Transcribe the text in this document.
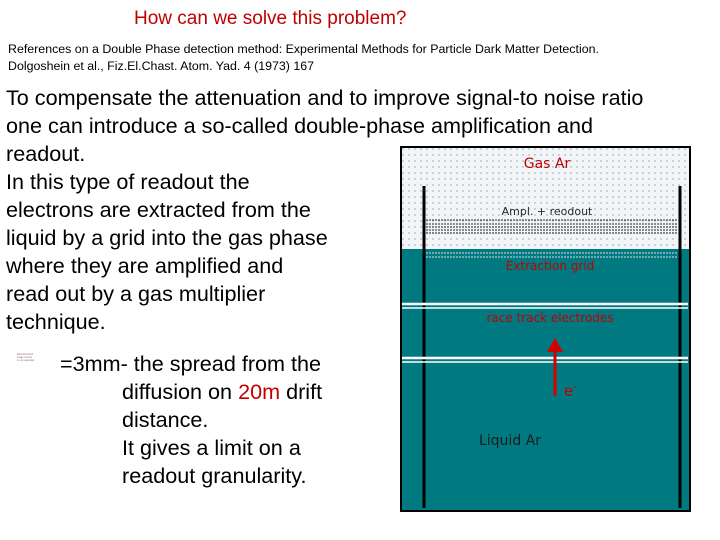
How can we solve this problem?
References on a Double Phase detection method: Experimental Methods for Particle Dark Matter Detection.
Dolgoshein et al., Fiz.El.Chast. Atom. Yad. 4 (1973) 167
To compensate the attenuation and to improve signal-to noise ratio
one can introduce a so-called double-phase amplification and
readout.
In this type of readout the
electrons are extracted from the
liquid by a grid into the gas phase
where they are amplified and
read out by a gas multiplier
technique.
Microsoft Word
image content
is not supported	=3mm- the spread from the
diffusion on 20m drift
distance.
It gives a limit on a
readout granularity.
Gas Ar
Ampl. + reodout
Extraction grid
race track electrodes
e-
Liquid Ar
